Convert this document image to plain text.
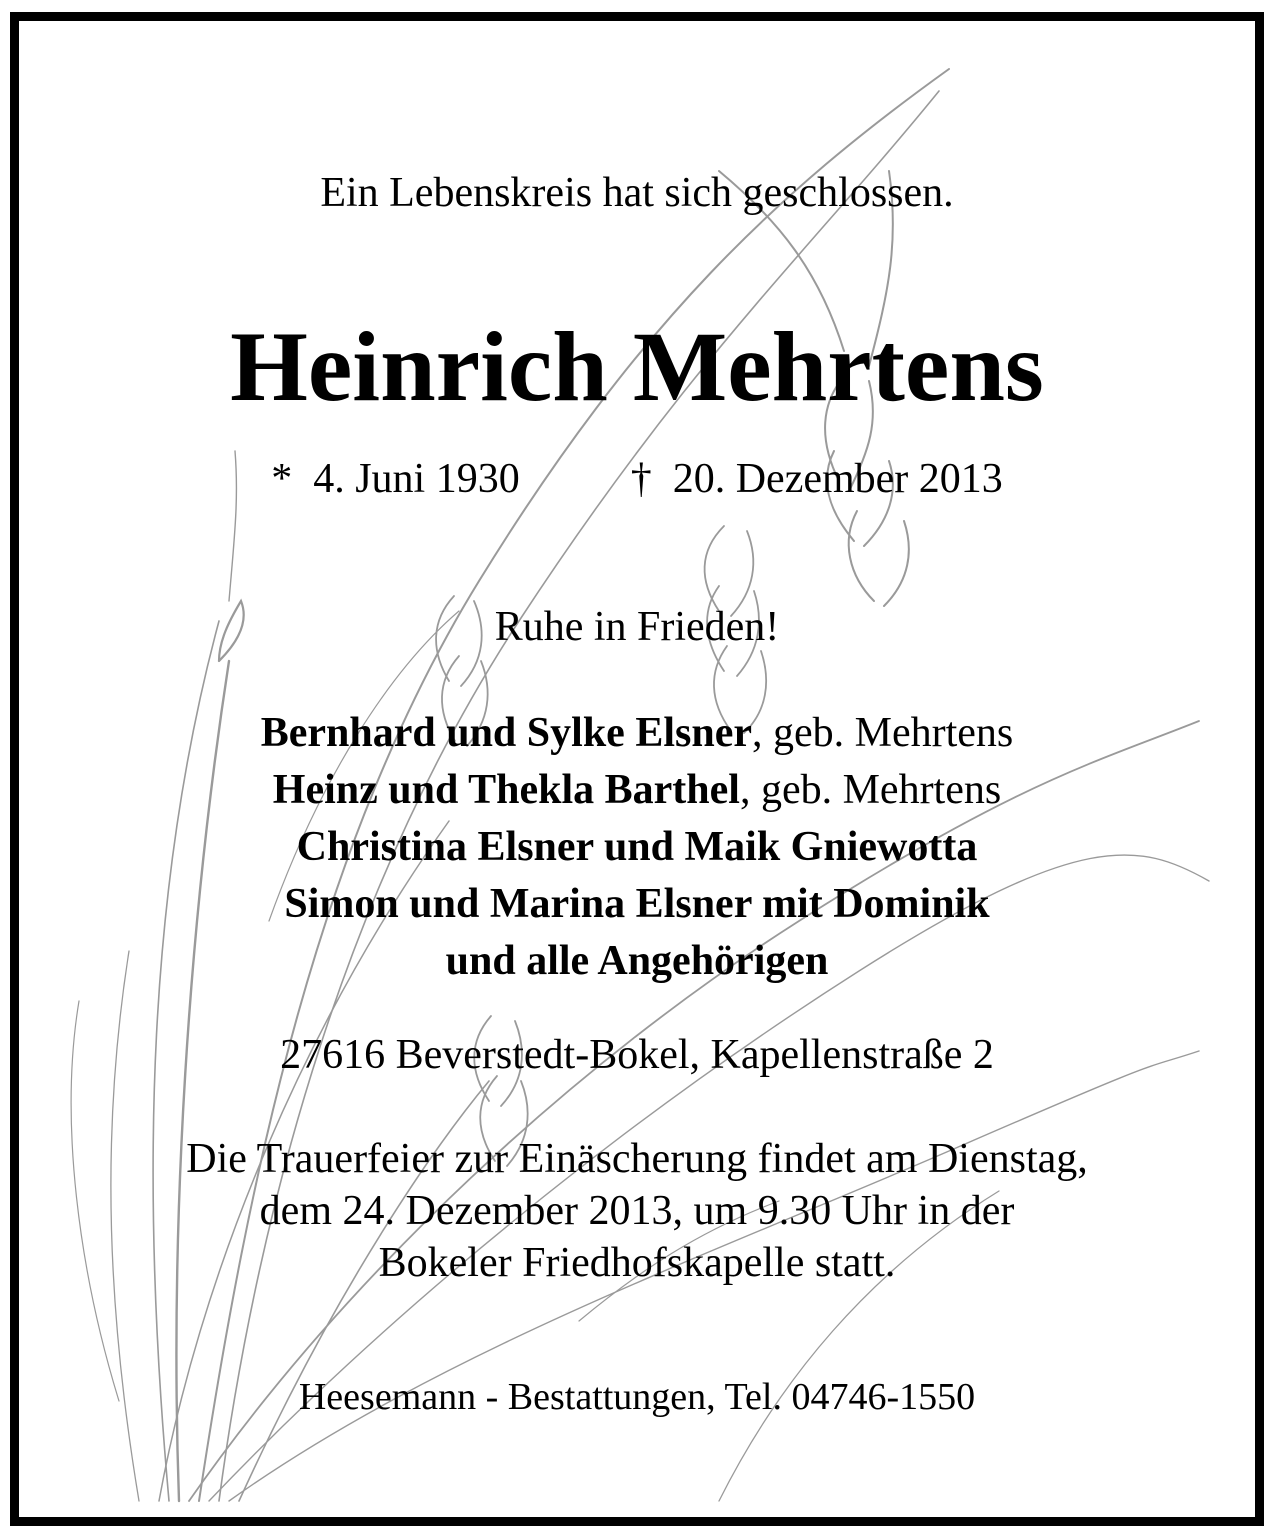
Ein Lebenskreis hat sich geschlossen.
Heinrich Mehrtens
* 4. Juni 1930	† 20. Dezember 2013
Ruhe in Frieden!
Bernhard und Sylke Elsner, geb. Mehrtens
Heinz und Thekla Barthel, geb. Mehrtens
Christina Elsner und Maik Gniewotta
Simon und Marina Elsner mit Dominik
und alle Angehörigen
27616 Beverstedt-Bokel, Kapellenstraße 2
Die Trauerfeier zur Einäscherung findet am Dienstag,
dem 24. Dezember 2013, um 9.30 Uhr in der
Bokeler Friedhofskapelle statt.
Heesemann - Bestattungen, Tel. 04746-1550
